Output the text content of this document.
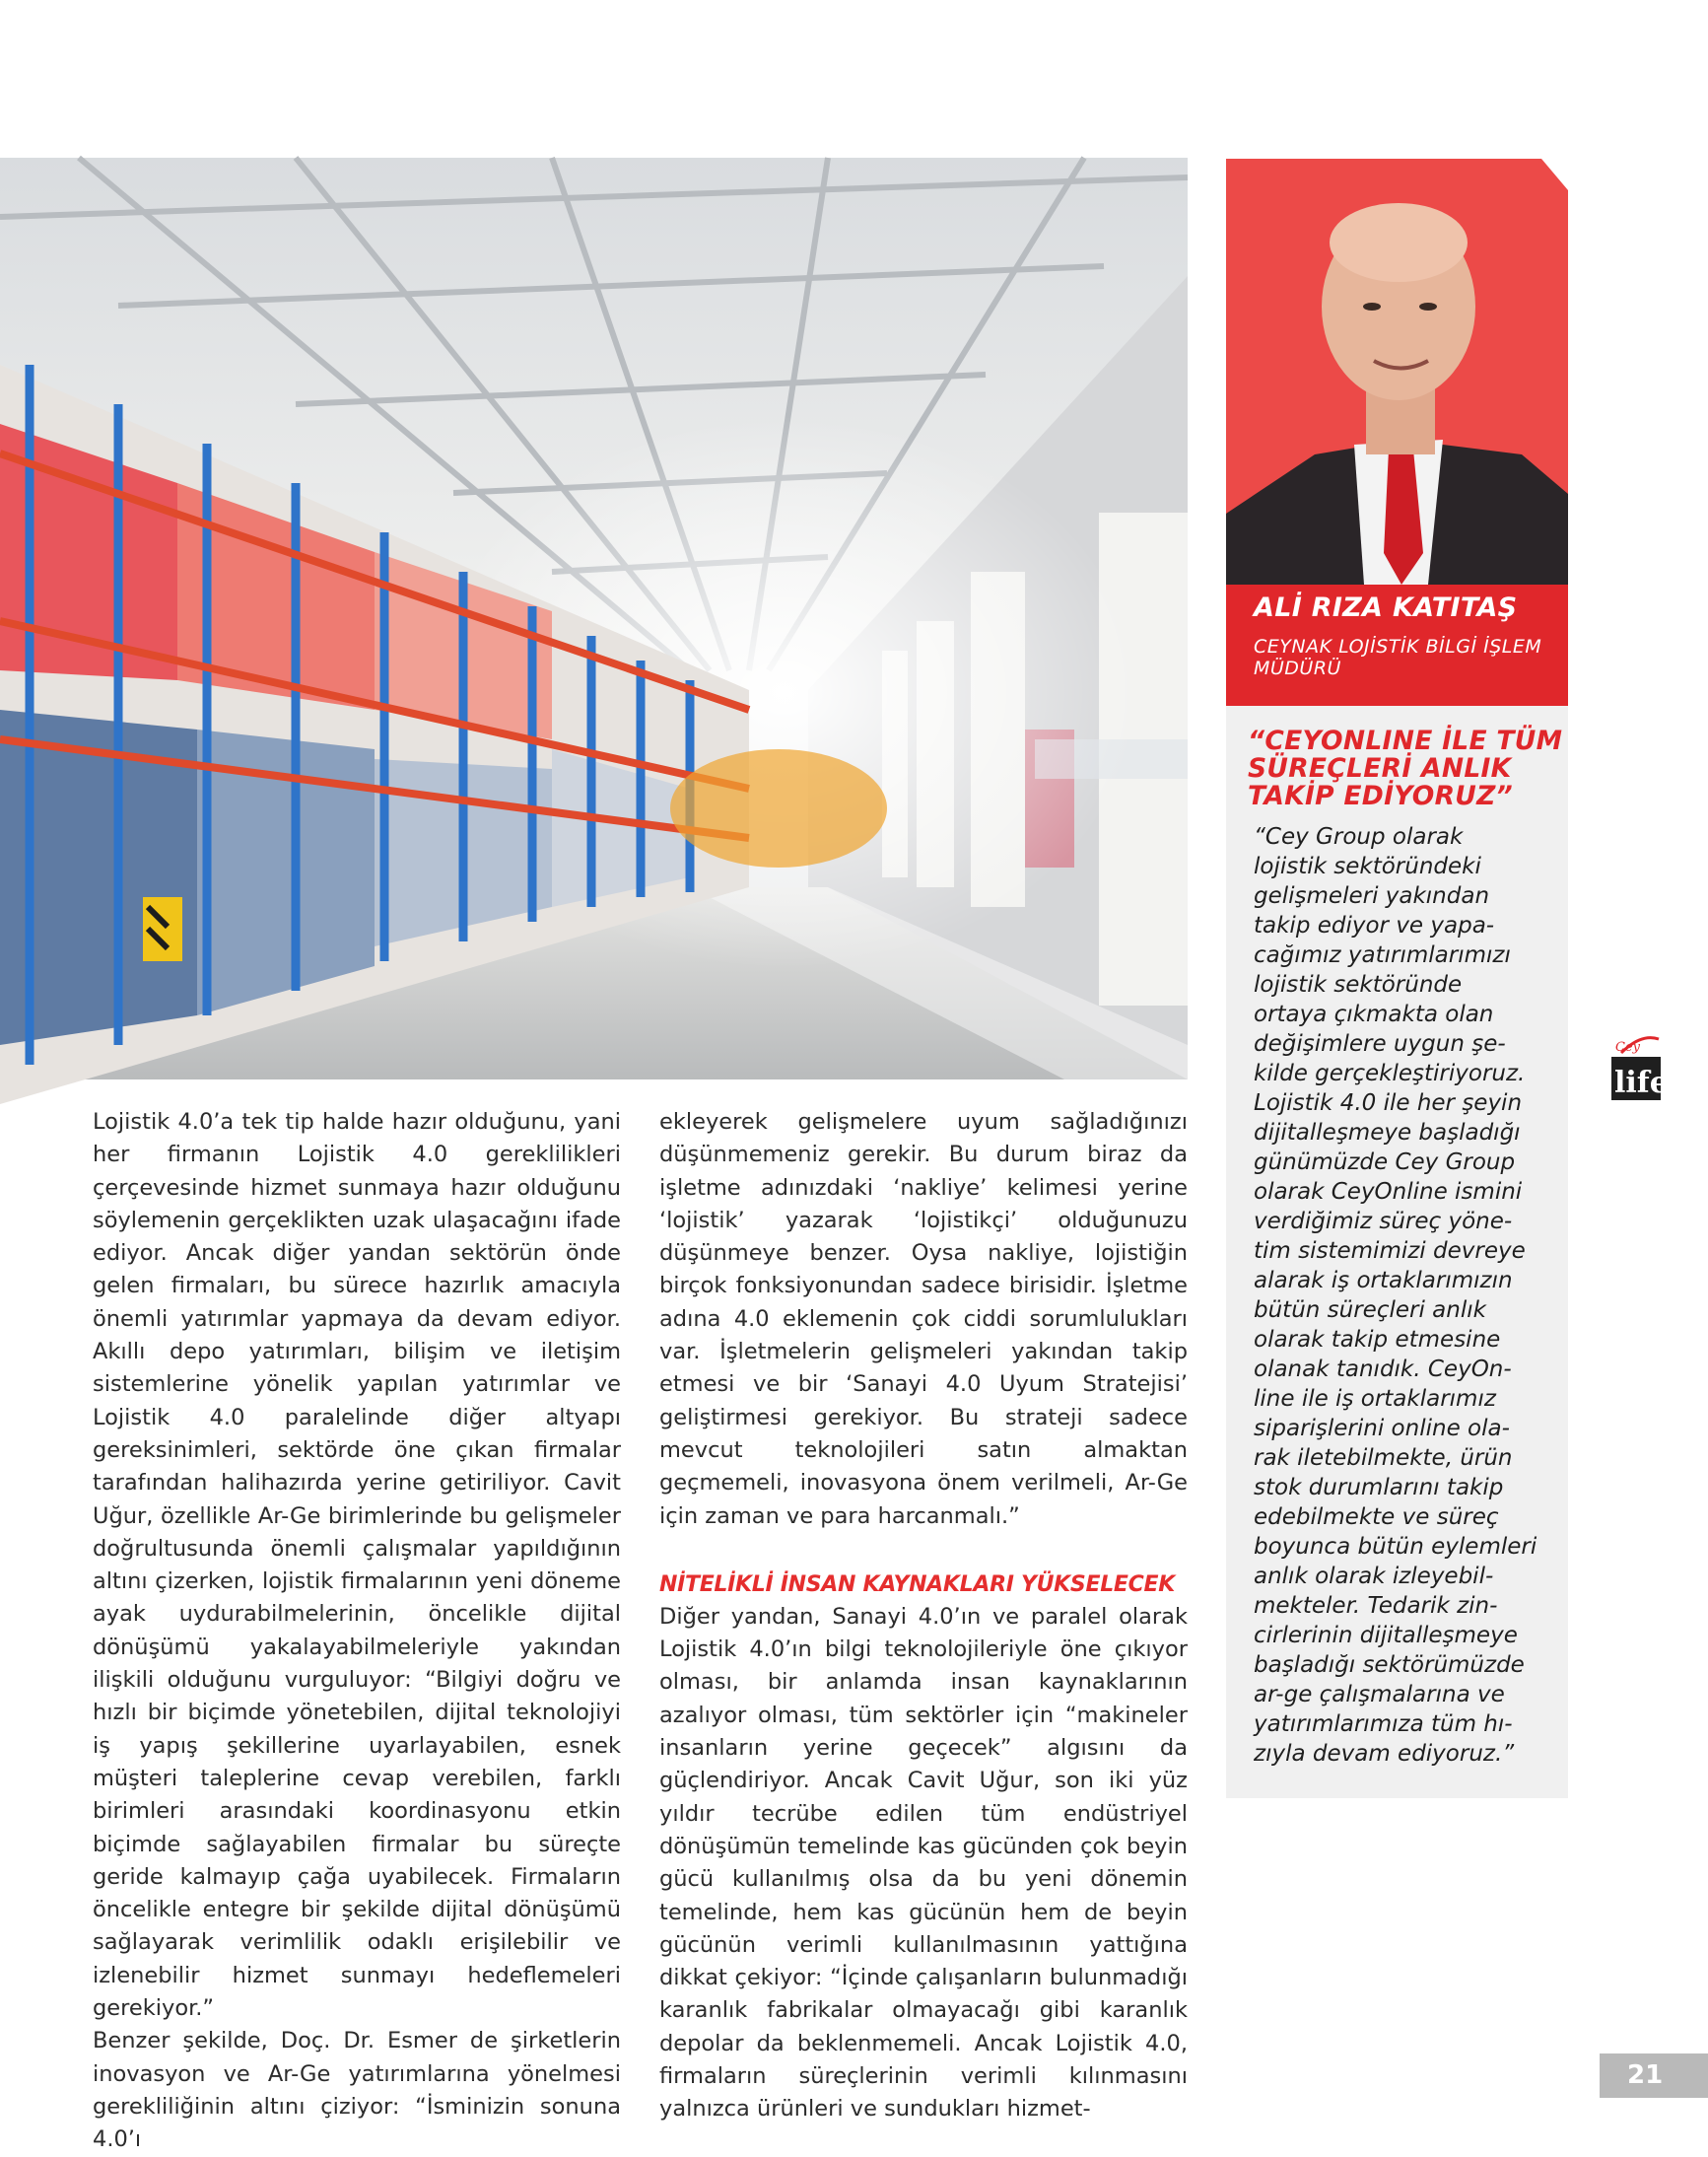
Lojistik 4.0’a tek tip halde hazır olduğunu, yani her firmanın Lojistik 4.0 gereklilikleri çerçevesinde hizmet sunmaya hazır olduğunu söylemenin gerçeklikten uzak ulaşacağını ifade ediyor. Ancak diğer yandan sektörün önde gelen firmaları, bu sürece hazırlık amacıyla önemli yatırımlar yapmaya da devam ediyor. Akıllı depo yatırımları, bilişim ve iletişim sistemlerine yönelik yapılan yatırımlar ve Lojistik 4.0 paralelinde diğer altyapı gereksinimleri, sektörde öne çıkan firmalar tarafından halihazırda yerine getiriliyor. Cavit Uğur, özellikle Ar-Ge birimlerinde bu gelişmeler doğrultusunda önemli çalışmalar yapıldığının altını çizerken, lojistik firmalarının yeni döneme ayak uydurabilmelerinin, öncelikle dijital dönüşümü yakalayabilmeleriyle yakından ilişkili olduğunu vurguluyor: “Bilgiyi doğru ve hızlı bir biçimde yönetebilen, dijital teknolojiyi iş yapış şekillerine uyarlayabilen, esnek müşteri taleplerine cevap verebilen, farklı birimleri arasındaki koordinasyonu etkin biçimde sağlayabilen firmalar bu süreçte geride kalmayıp çağa uyabilecek. Firmaların öncelikle entegre bir şekilde dijital dönüşümü sağlayarak verimlilik odaklı erişilebilir ve izlenebilir hizmet sunmayı hedeflemeleri gerekiyor.”

Benzer şekilde, Doç. Dr. Esmer de şirketlerin inovasyon ve Ar-Ge yatırımlarına yönelmesi gerekliliğinin altını çiziyor: “İsminizin sonuna 4.0’ı

ekleyerek gelişmelere uyum sağladığınızı düşünmemeniz gerekir. Bu durum biraz da işletme adınızdaki ‘nakliye’ kelimesi yerine ‘lojistik’ yazarak ‘lojistikçi’ olduğunuzu düşünmeye benzer. Oysa nakliye, lojistiğin birçok fonksiyonundan sadece birisidir. İşletme adına 4.0 eklemenin çok ciddi sorumlulukları var. İşletmelerin gelişmeleri yakından takip etmesi ve bir ‘Sanayi 4.0 Uyum Stratejisi’ geliştirmesi gerekiyor. Bu strateji sadece mevcut teknolojileri satın almaktan geçmemeli, inovasyona önem verilmeli, Ar-Ge için zaman ve para harcanmalı.”

NİTELİKLİ İNSAN KAYNAKLARI YÜKSELECEK

Diğer yandan, Sanayi 4.0’ın ve paralel olarak Lojistik 4.0’ın bilgi teknolojileriyle öne çıkıyor olması, bir anlamda insan kaynaklarının azalıyor olması, tüm sektörler için “makineler insanların yerine geçecek” algısını da güçlendiriyor. Ancak Cavit Uğur, son iki yüz yıldır tecrübe edilen tüm endüstriyel dönüşümün temelinde kas gücünden çok beyin gücü kullanılmış olsa da bu yeni dönemin temelinde, hem kas gücünün hem de beyin gücünün verimli kullanılmasının yattığına dikkat çekiyor: “İçinde çalışanların bulunmadığı karanlık fabrikalar olmayacağı gibi karanlık depolar da beklenmemeli. Ancak Lojistik 4.0, firmaların süreçlerinin verimli kılınmasını yalnızca ürünleri ve sundukları hizmet-

ALİ RIZA KATITAŞ
CEYNAK LOJİSTİK BİLGİ İŞLEM MÜDÜRÜ
“CEYONLINE İLE TÜM SÜREÇLERİ ANLIK TAKİP EDİYORUZ”
“Cey Group olarak
lojistik sektöründeki
gelişmeleri yakından
takip ediyor ve yapa-
cağımız yatırımlarımızı
lojistik sektöründe
ortaya çıkmakta olan
değişimlere uygun şe-
kilde gerçekleştiriyoruz.
Lojistik 4.0 ile her şeyin
dijitalleşmeye başladığı
günümüzde Cey Group
olarak CeyOnline ismini
verdiğimiz süreç yöne-
tim sistemimizi devreye
alarak iş ortaklarımızın
bütün süreçleri anlık
olarak takip etmesine
olanak tanıdık. CeyOn-
line ile iş ortaklarımız
siparişlerini online ola-
rak iletebilmekte, ürün
stok durumlarını takip
edebilmekte ve süreç
boyunca bütün eylemleri
anlık olarak izleyebil-
mekteler. Tedarik zin-
cirlerinin dijitalleşmeye
başladığı sektörümüzde
ar-ge çalışmalarına ve
yatırımlarımıza tüm hı-
zıyla devam ediyoruz.”
Cey
life
21
